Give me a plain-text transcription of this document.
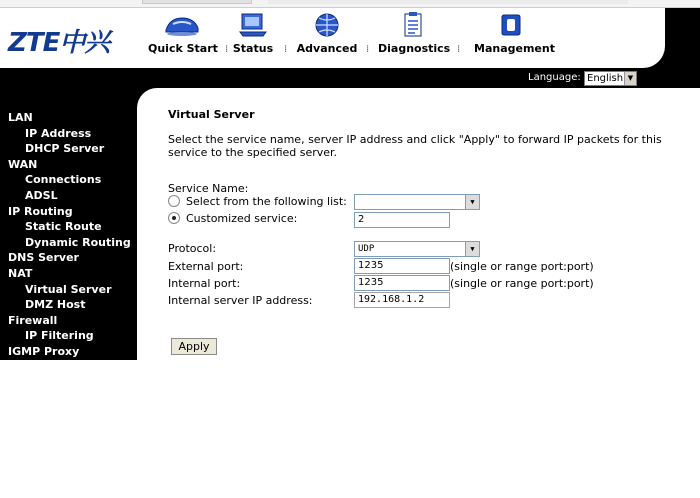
ZTE中兴	Quick Start ⁞ Status ⁞ Advanced ⁞ Diagnostics ⁞ Management
Language: English ▼
LAN
IP Address
DHCP Server
WAN
Connections
ADSL
IP Routing
Static Route
Dynamic Routing
DNS Server
NAT
Virtual Server
DMZ Host
Firewall
IP Filtering
IGMP Proxy
Virtual Server
Select the service name, server IP address and click "Apply" to forward IP packets for this service to the specified server.
Service Name:
Select from the following list:	▼
Customized service:	2
Protocol:	UDP	▼
External port:	1235	(single or range port:port)
Internal port:	1235	(single or range port:port)
Internal server IP address:	192.168.1.2
Apply
